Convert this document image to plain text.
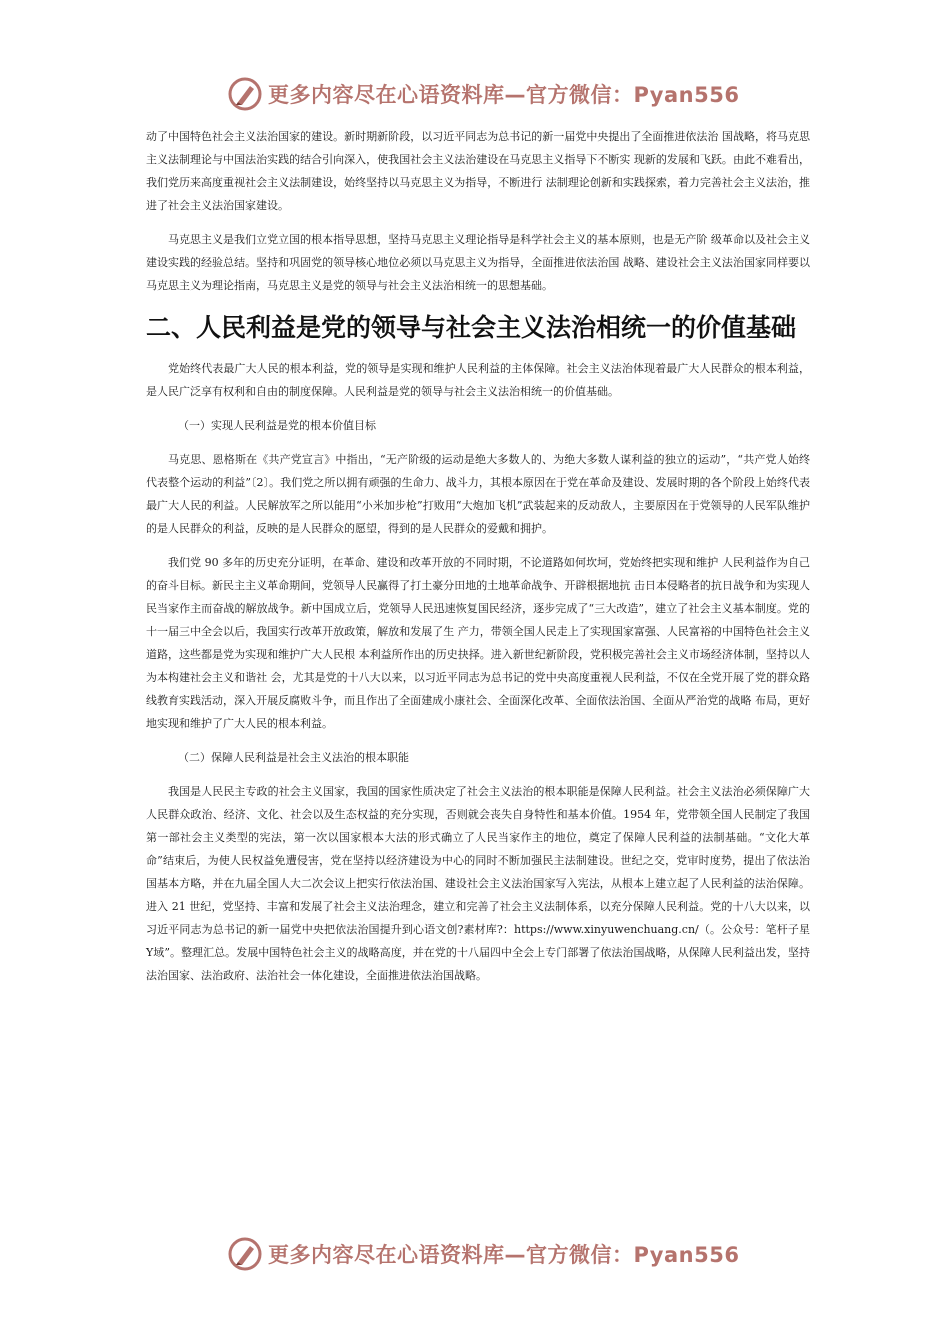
更多内容尽在心语资料库—官方微信：Pyan556

动了中国特色社会主义法治国家的建设。新时期新阶段，以习近平同志为总书记的新一届党中央提出了全面推进依法治 国战略，将马克思主义法制理论与中国法治实践的结合引向深入，使我国社会主义法治建设在马克思主义指导下不断实 现新的发展和飞跃。由此不难看出，我们党历来高度重视社会主义法制建设，始终坚持以马克思主义为指导，不断进行 法制理论创新和实践探索，着力完善社会主义法治，推进了社会主义法治国家建设。

马克思主义是我们立党立国的根本指导思想，坚持马克思主义理论指导是科学社会主义的基本原则，也是无产阶 级革命以及社会主义建设实践的经验总结。坚持和巩固党的领导核心地位必须以马克思主义为指导，全面推进依法治国 战略、建设社会主义法治国家同样要以马克思主义为理论指南，马克思主义是党的领导与社会主义法治相统一的思想基础。

二、人民利益是党的领导与社会主义法治相统一的价值基础

党始终代表最广大人民的根本利益，党的领导是实现和维护人民利益的主体保障。社会主义法治体现着最广大人民群众的根本利益，是人民广泛享有权利和自由的制度保障。人民利益是党的领导与社会主义法治相统一的价值基础。

（一）实现人民利益是党的根本价值目标

马克思、恩格斯在《共产党宣言》中指出，“无产阶级的运动是绝大多数人的、为绝大多数人谋利益的独立的运动”，“共产党人始终代表整个运动的利益”〔2〕。我们党之所以拥有顽强的生命力、战斗力，其根本原因在于党在革命及建设、发展时期的各个阶段上始终代表最广大人民的利益。人民解放军之所以能用“小米加步枪”打败用“大炮加飞机”武装起来的反动敌人，主要原因在于党领导的人民军队维护的是人民群众的利益，反映的是人民群众的愿望，得到的是人民群众的爱戴和拥护。

我们党 90 多年的历史充分证明，在革命、建设和改革开放的不同时期，不论道路如何坎坷，党始终把实现和维护 人民利益作为自己的奋斗目标。新民主主义革命期间，党领导人民赢得了打土豪分田地的土地革命战争、开辟根据地抗 击日本侵略者的抗日战争和为实现人民当家作主而奋战的解放战争。新中国成立后，党领导人民迅速恢复国民经济，逐步完成了“三大改造”，建立了社会主义基本制度。党的十一届三中全会以后，我国实行改革开放政策，解放和发展了生 产力，带领全国人民走上了实现国家富强、人民富裕的中国特色社会主义道路，这些都是党为实现和维护广大人民根 本利益所作出的历史抉择。进入新世纪新阶段，党积极完善社会主义市场经济体制，坚持以人为本构建社会主义和谐社 会，尤其是党的十八大以来，以习近平同志为总书记的党中央高度重视人民利益，不仅在全党开展了党的群众路线教育实践活动，深入开展反腐败斗争，而且作出了全面建成小康社会、全面深化改革、全面依法治国、全面从严治党的战略 布局，更好地实现和维护了广大人民的根本利益。

（二）保障人民利益是社会主义法治的根本职能

我国是人民民主专政的社会主义国家，我国的国家性质决定了社会主义法治的根本职能是保障人民利益。社会主义法治必须保障广大人民群众政治、经济、文化、社会以及生态权益的充分实现，否则就会丧失自身特性和基本价值。1954 年，党带领全国人民制定了我国第一部社会主义类型的宪法，第一次以国家根本大法的形式确立了人民当家作主的地位，奠定了保障人民利益的法制基础。“文化大革命”结束后，为使人民权益免遭侵害，党在坚持以经济建设为中心的同时不断加强民主法制建设。世纪之交，党审时度势，提出了依法治国基本方略，并在九届全国人大二次会议上把实行依法治国、建设社会主义法治国家写入宪法，从根本上建立起了人民利益的法治保障。进入 21 世纪，党坚持、丰富和发展了社会主义法治理念，建立和完善了社会主义法制体系，以充分保障人民利益。党的十八大以来，以习近平同志为总书记的新一届党中央把依法治国提升到心语文创?素材库?：https://www.xinyuwenchuang.cn/（。公众号：笔杆子星Y域”。整理汇总。发展中国特色社会主义的战略高度，并在党的十八届四中全会上专门部署了依法治国战略，从保障人民利益出发，坚持法治国家、法治政府、法治社会一体化建设，全面推进依法治国战略。

更多内容尽在心语资料库—官方微信：Pyan556
